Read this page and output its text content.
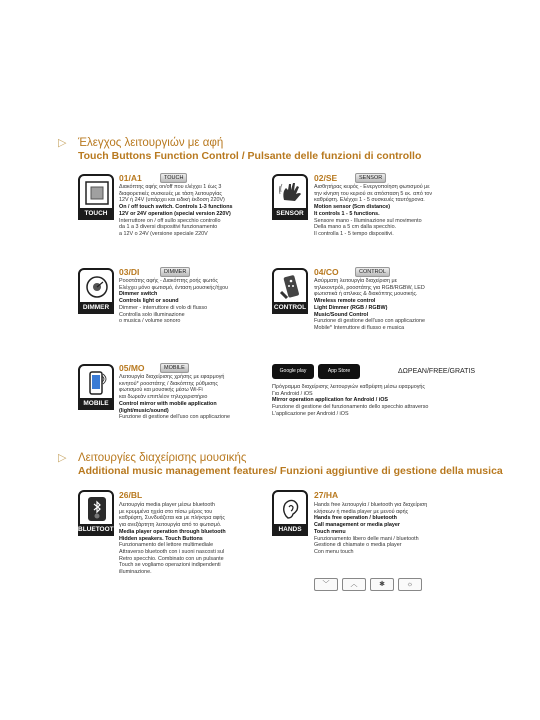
▷ Έλεγχος λειτουργιών με αφή
Touch Buttons Function Control / Pulsante delle funzioni di controllo
TOUCH
01/A1	TOUCH
Διακόπτης αφής on/off που ελέγχει 1 έως 3
διαφορετικές συσκευές με τάση λειτουργίας
12V ή 24V (υπάρχει και ειδική έκδοση 220V)
On / off touch switch. Controls 1-3 functions
12V or 24V operation (special version 220V)
Interruttore on / off sullo specchio controllo
da 1 a 3 diversi dispositivi funzionamento
a 12V o 24V (versione speciale 220V
SENSOR
02/SE	SENSOR
Αισθητήρας κειρός - Ενεργοποίηση φωτισμού με
την κίνηση του κεριού σε απόσταση 5 εκ. από τον
καθρέφτη. Ελέγχει 1 - 5 συσκευές ταυτόχρονα.
Motion sensor (5cm distance)
It controls 1 - 5 functions.
Sensore mano - Illuminazione sul movimento
Della mano a 5 cm dalla specchio.
Il controlla 1 - 5 tempo dispositivi.
DIMMER
03/DI	DIMMER
Ροοστάτης αφής - Διακόπτης ροής φωτός
Ελέγχει μόνο φωτισμό, ένταση μουσικής/ήχου
Dimmer switch
Controls light or sound
Dimmer - interruttore di volo di flusso
Controlla solo illuminazione
o musica / volume sonoro
CONTROL
04/CO	CONTROL
Ασύρματη λειτουργία διαχείριση με
τηλεκοντρόλ, ροοστάτης για RGB/RGBW, LED
φωτιστικά ή απλικες & διακόπτης μουσικής.
Wireless remote control
Light Dimmer (RGB / RGBW)
Music/Sound Control
Funzione di gestione dell'uso con applicazione
Mobile* Interruttore di flusso e musica
MOBILE
05/MO	MOBILE
Λειτουργία διαχείρισης χρήσης με εφαρμογή
κινητού* ροοστάτης / διακόπτης ρύθμισης
φωτισμού και μουσικής μέσω Wi-Fi
και δωρεάν επιπλέον τηλεχειριστήριο
Control mirror with mobile application
(light/music/sound)
Funzione di gestione dell'uso con applicazione
Google play	App Store	ΔΩΡΕΑΝ/FREE/GRATIS
Πρόγραμμα διαχείρισης λειτουργιών καθρέφτη μέσω εφαρμογής
Για Android / iOS
Mirror operation application for Android / iOS
Funzione di gestione del funzionamento dello specchio attraverso
L'applicazione per Android / iOS
▷ Λειτουργίες διαχείρισης μουσικής
Additional music management features/ Funzioni aggiuntive di gestione della musica
BLUETOOTH
26/BL
Λειτουργία media player μέσω bluetooth
με κρυμμένα ηχεία στο πίσω μέρος του
καθρέφτη, Συνδυάζεται και με πλήκτρα αφής
για ανεξάρτητη λειτουργία από το φωτισμό.
Media player operation through bluetooth
Hidden speakers. Touch Buttons
Funzionamento del lettore multimediale
Attraverso bluetooth con i suoni nascosti sul
Retro specchio. Combinato con un pulsante
Touch se vogliamo operazioni indipendenti
illuminazione.
HANDS FREE
27/HA
Hands free λειτουργία / bluetooth για διαχείριση
κλήσεων ή media player με μενού αφής
Hands free operation / bluetooth
Call management or media player
Touch menu
Funzionamento libero delle mani / bluetooth
Gestione di chiamate o media player
Con menu touch
﹀	︿	✱	☼
